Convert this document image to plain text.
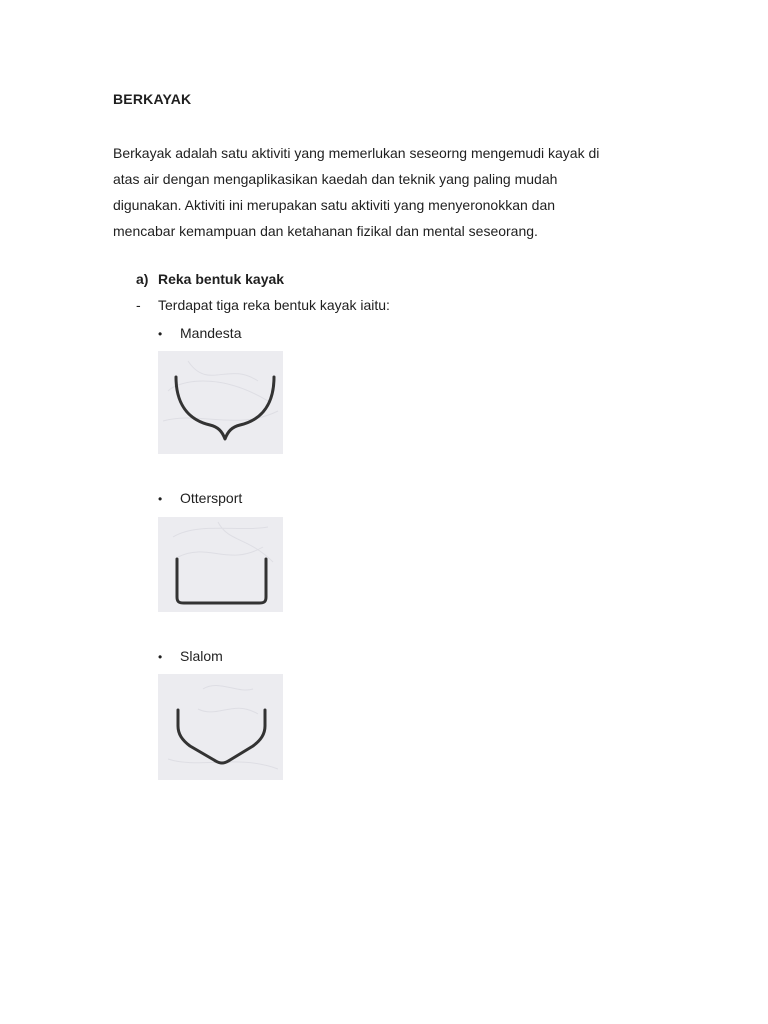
BERKAYAK

Berkayak adalah satu aktiviti yang memerlukan seseorng mengemudi kayak di
atas air dengan mengaplikasikan kaedah dan teknik yang paling mudah
digunakan. Aktiviti ini merupakan satu aktiviti yang menyeronokkan dan
mencabar kemampuan dan ketahanan fizikal dan mental seseorang.

a) Reka bentuk kayak
- Terdapat tiga reka bentuk kayak iaitu:
• Mandesta
• Ottersport
• Slalom
